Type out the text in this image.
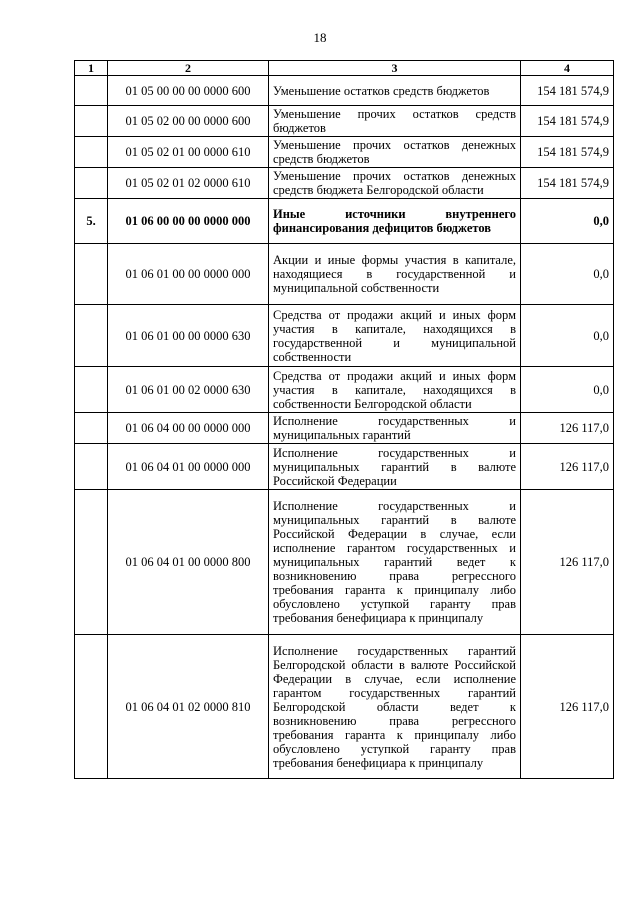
18
1	2	3	4
	01 05 00 00 00 0000 600	Уменьшение остатков средств бюджетов	154 181 574,9
	01 05 02 00 00 0000 600	Уменьшение прочих остатков средств бюджетов	154 181 574,9
	01 05 02 01 00 0000 610	Уменьшение прочих остатков денежных средств бюджетов	154 181 574,9
	01 05 02 01 02 0000 610	Уменьшение прочих остатков денежных средств бюджета Белгородской области	154 181 574,9
5.	01 06 00 00 00 0000 000	Иные источники внутреннего финансирования дефицитов бюджетов	0,0
	01 06 01 00 00 0000 000	Акции и иные формы участия в капитале, находящиеся в государственной и муниципальной собственности	0,0
	01 06 01 00 00 0000 630	Средства от продажи акций и иных форм участия в капитале, находящихся в государственной и муниципальной собственности	0,0
	01 06 01 00 02 0000 630	Средства от продажи акций и иных форм участия в капитале, находящихся в собственности Белгородской области	0,0
	01 06 04 00 00 0000 000	Исполнение государственных и муниципальных гарантий	126 117,0
	01 06 04 01 00 0000 000	Исполнение государственных и муниципальных гарантий в валюте Российской Федерации	126 117,0
	01 06 04 01 00 0000 800	Исполнение государственных и муниципальных гарантий в валюте Российской Федерации в случае, если исполнение гарантом государственных и муниципальных гарантий ведет к возникновению права регрессного требования гаранта к принципалу либо обусловлено уступкой гаранту прав требования бенефициара к принципалу	126 117,0
	01 06 04 01 02 0000 810	Исполнение государственных гарантий Белгородской области в валюте Российской Федерации в случае, если исполнение гарантом государственных гарантий Белгородской области ведет к возникновению права регрессного требования гаранта к принципалу либо обусловлено уступкой гаранту прав требования бенефициара к принципалу	126 117,0
